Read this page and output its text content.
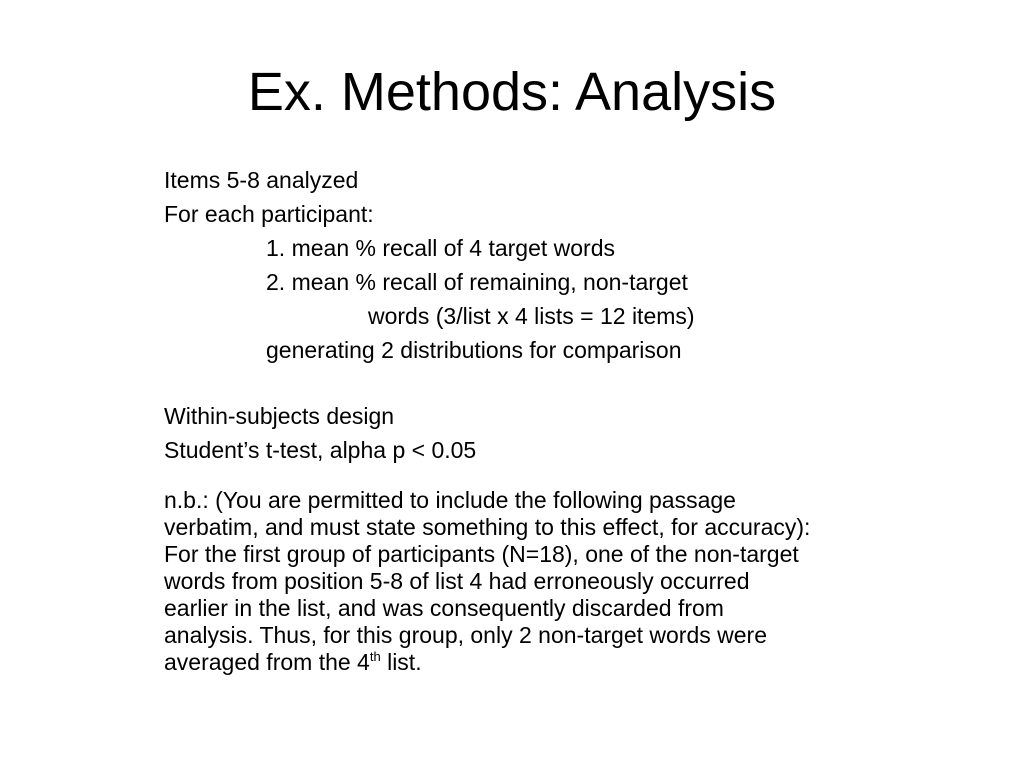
Ex. Methods: Analysis
Items 5-8 analyzed
For each participant:
1. mean % recall of 4 target words
2. mean % recall of remaining, non-target
words (3/list x 4 lists = 12 items)
generating 2 distributions for comparison
Within-subjects design
Student’s t-test, alpha p < 0.05
n.b.: (You are permitted to include the following passage
verbatim, and must state something to this effect, for accuracy):
For the first group of participants (N=18), one of the non-target
words from position 5-8 of list 4 had erroneously occurred
earlier in the list, and was consequently discarded from
analysis. Thus, for this group, only 2 non-target words were
averaged from the 4th list.
